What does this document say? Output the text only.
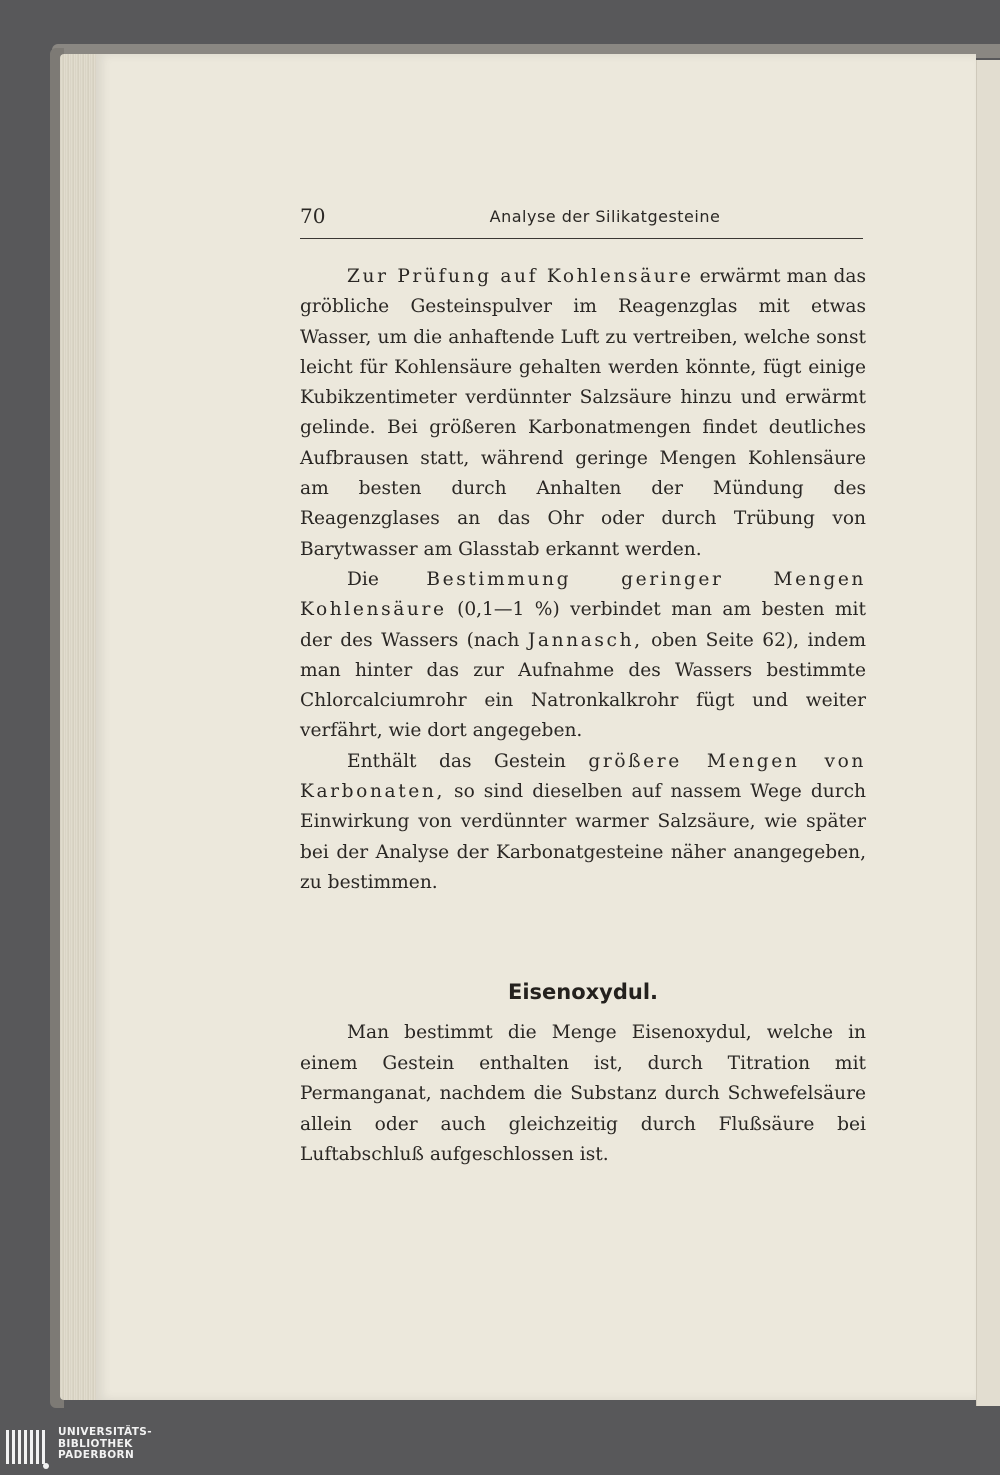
70	Analyse der Silikatgesteine

Zur Prüfung auf Kohlensäure erwärmt man das gröbliche Gesteinspulver im Reagenzglas mit etwas Wasser, um die anhaftende Luft zu vertreiben, welche sonst leicht für Kohlensäure gehalten werden könnte, fügt einige Kubikzentimeter verdünnter Salzsäure hinzu und erwärmt gelinde. Bei größeren Karbonatmengen findet deutliches Aufbrausen statt, während geringe Mengen Kohlensäure am besten durch Anhalten der Mündung des Reagenzglases an das Ohr oder durch Trübung von Barytwasser am Glasstab erkannt werden.

Die	Bestimmung geringer Mengen Kohlensäure (0,1—1 %) verbindet man am besten mit der des Wassers (nach Jannasch, oben Seite 62), indem man hinter das zur Aufnahme des Wassers bestimmte Chlorcalciumrohr ein Natronkalkrohr fügt und weiter verfährt, wie dort angegeben.

Enthält das Gestein größere Mengen von Karbonaten, so sind dieselben auf nassem Wege durch Einwirkung von verdünnter warmer Salzsäure, wie später bei der Analyse der Karbonatgesteine näher anangegeben, zu bestimmen.

Eisenoxydul.

Man bestimmt die Menge Eisenoxydul, welche in einem Gestein enthalten ist, durch Titration mit Permanganat, nachdem die Substanz durch Schwefelsäure allein oder auch gleichzeitig durch Flußsäure bei Luftabschluß aufgeschlossen ist.

UNIVERSITÄTS-
BIBLIOTHEK
PADERBORN
